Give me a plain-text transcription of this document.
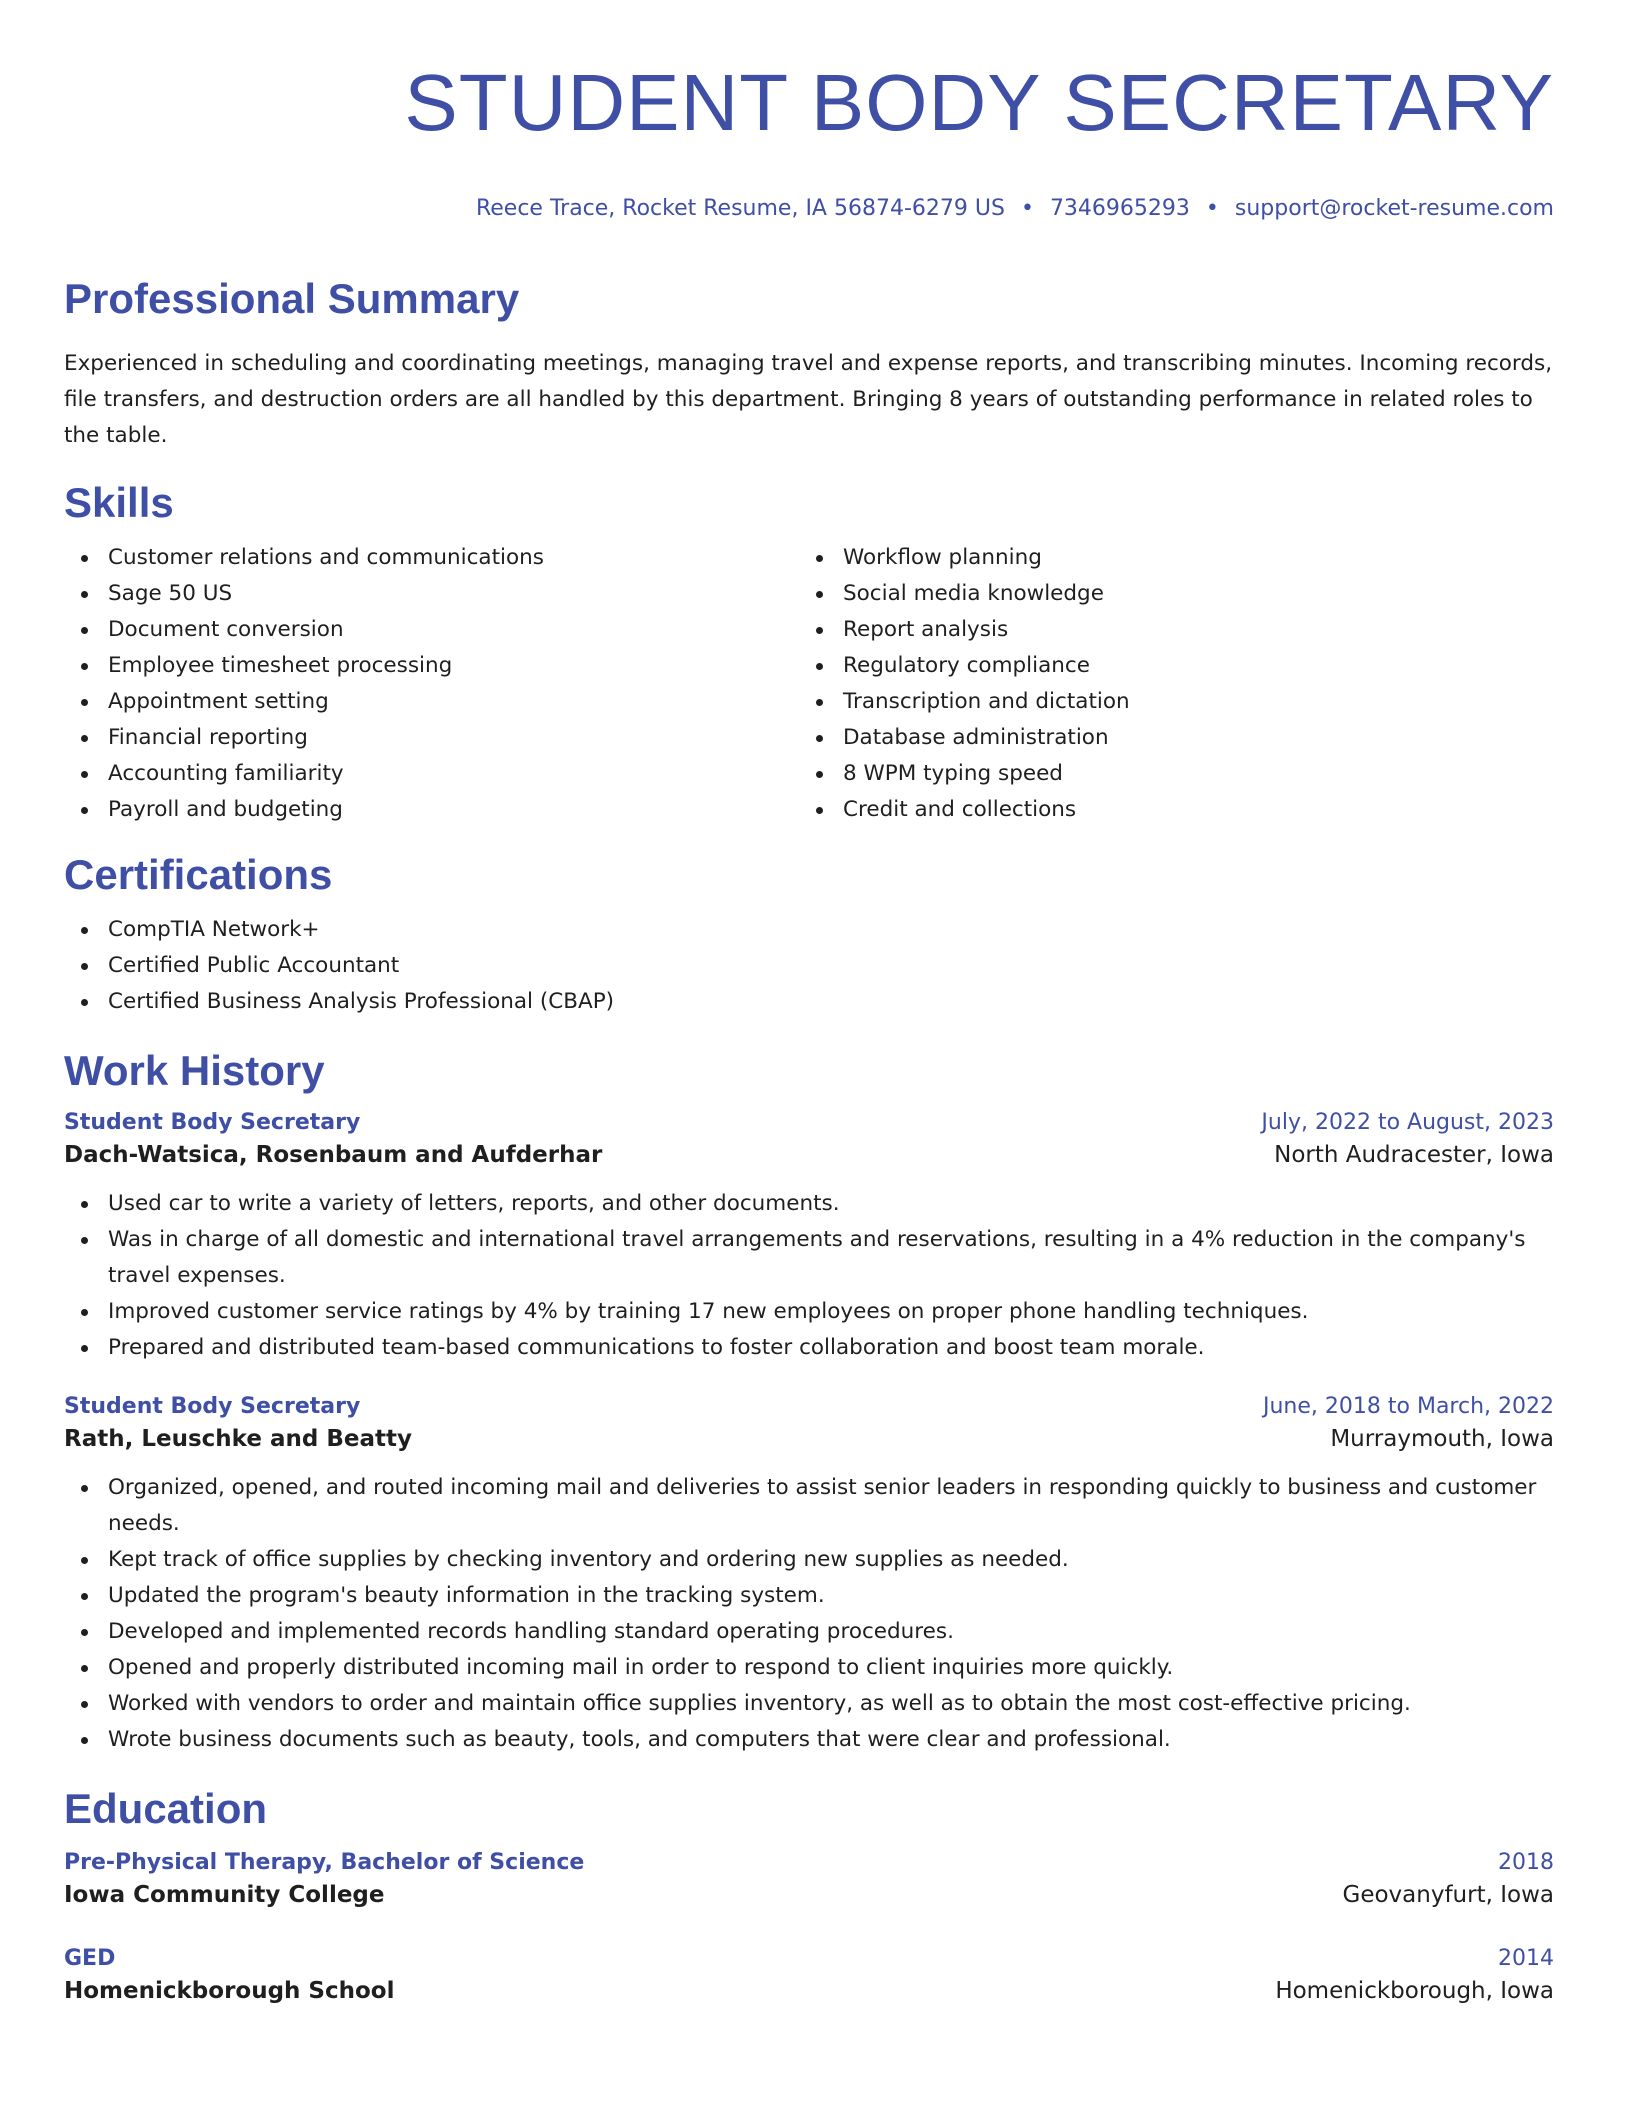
STUDENT BODY SECRETARY
Reece Trace, Rocket Resume, IA 56874-6279 US • 7346965293 • support@rocket-resume.com
Professional Summary

Experienced in scheduling and coordinating meetings, managing travel and expense reports, and transcribing minutes. Incoming records, file transfers, and destruction orders are all handled by this department. Bringing 8 years of outstanding performance in related roles to the table.

Skills
Customer relations and communications
Sage 50 US
Document conversion
Employee timesheet processing
Appointment setting
Financial reporting
Accounting familiarity
Payroll and budgeting
Workflow planning
Social media knowledge
Report analysis
Regulatory compliance
Transcription and dictation
Database administration
8 WPM typing speed
Credit and collections
Certifications
CompTIA Network+
Certified Public Accountant
Certified Business Analysis Professional (CBAP)
Work History
Student Body Secretary	July, 2022 to August, 2023
Dach-Watsica, Rosenbaum and Aufderhar	North Audracester, Iowa
Used car to write a variety of letters, reports, and other documents.
Was in charge of all domestic and international travel arrangements and reservations, resulting in a 4% reduction in the company's travel expenses.
Improved customer service ratings by 4% by training 17 new employees on proper phone handling techniques.
Prepared and distributed team-based communications to foster collaboration and boost team morale.
Student Body Secretary	June, 2018 to March, 2022
Rath, Leuschke and Beatty	Murraymouth, Iowa
Organized, opened, and routed incoming mail and deliveries to assist senior leaders in responding quickly to business and customer needs.
Kept track of office supplies by checking inventory and ordering new supplies as needed.
Updated the program's beauty information in the tracking system.
Developed and implemented records handling standard operating procedures.
Opened and properly distributed incoming mail in order to respond to client inquiries more quickly.
Worked with vendors to order and maintain office supplies inventory, as well as to obtain the most cost-effective pricing.
Wrote business documents such as beauty, tools, and computers that were clear and professional.
Education
Pre-Physical Therapy, Bachelor of Science	2018
Iowa Community College	Geovanyfurt, Iowa
GED	2014
Homenickborough School	Homenickborough, Iowa
